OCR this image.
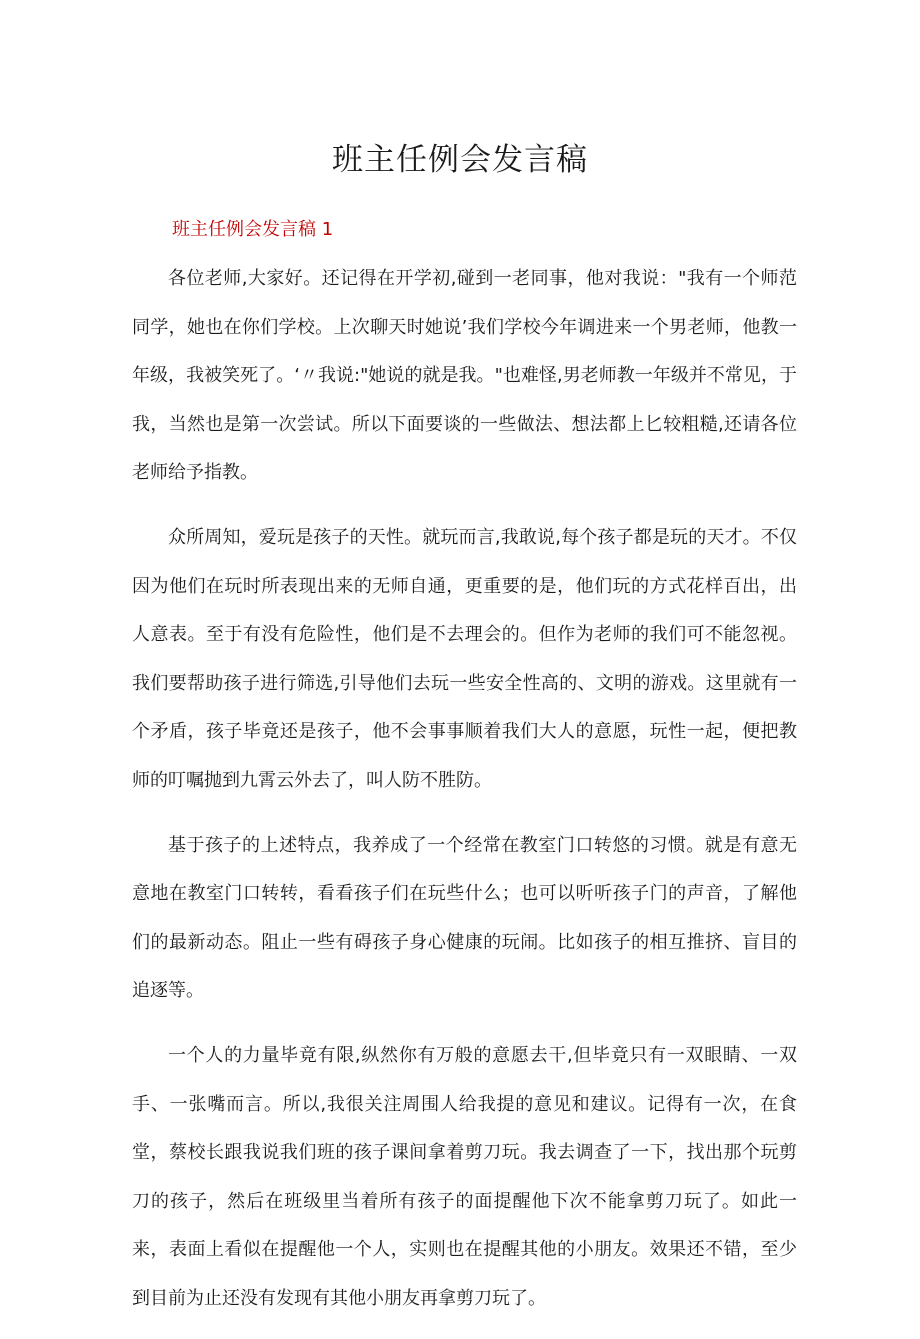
班主任例会发言稿
班主任例会发言稿 1

各位老师,大家好。还记得在开学初,碰到一老同事，他对我说："我有一个师范同学，她也在你们学校。上次聊天时她说’我们学校今年调进来一个男老师，他教一年级，我被笑死了。‘〃我说:"她说的就是我。"也难怪,男老师教一年级并不常见，于我，当然也是第一次尝试。所以下面要谈的一些做法、想法都上匕较粗糙,还请各位老师给予指教。

众所周知，爱玩是孩子的天性。就玩而言,我敢说,每个孩子都是玩的天才。不仅因为他们在玩时所表现出来的无师自通，更重要的是，他们玩的方式花样百出，出人意表。至于有没有危险性，他们是不去理会的。但作为老师的我们可不能忽视。我们要帮助孩子进行筛选,引导他们去玩一些安全性高的、文明的游戏。这里就有一个矛盾，孩子毕竟还是孩子，他不会事事顺着我们大人的意愿，玩性一起，便把教师的叮嘱抛到九霄云外去了，叫人防不胜防。

基于孩子的上述特点，我养成了一个经常在教室门口转悠的习惯。就是有意无意地在教室门口转转，看看孩子们在玩些什么；也可以听听孩子门的声音，了解他们的最新动态。阻止一些有碍孩子身心健康的玩闹。比如孩子的相互推挤、盲目的追逐等。

一个人的力量毕竟有限,纵然你有万般的意愿去干,但毕竟只有一双眼睛、一双手、一张嘴而言。所以,我很关注周围人给我提的意见和建议。记得有一次，在食堂，蔡校长跟我说我们班的孩子课间拿着剪刀玩。我去调查了一下，找出那个玩剪刀的孩子，然后在班级里当着所有孩子的面提醒他下次不能拿剪刀玩了。如此一来，表面上看似在提醒他一个人，实则也在提醒其他的小朋友。效果还不错，至少到目前为止还没有发现有其他小朋友再拿剪刀玩了。
